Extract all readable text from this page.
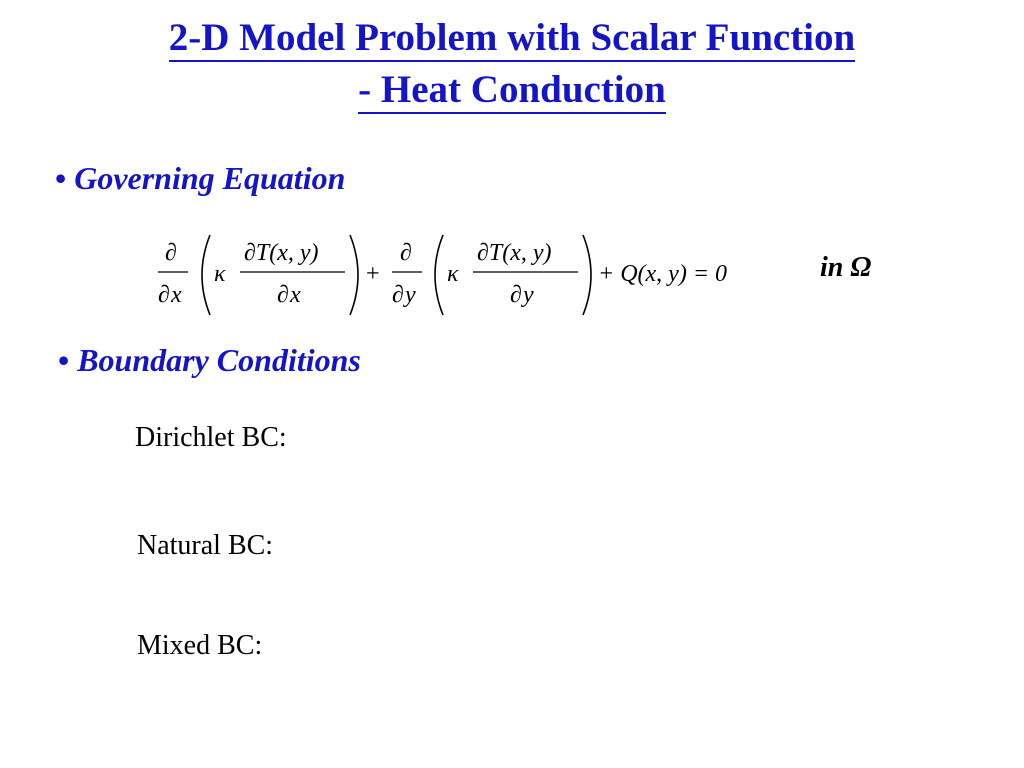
2-D Model Problem with Scalar Function
- Heat Conduction
• Governing Equation
∂
∂ x
κ
∂T(x, y)
∂ x
+
∂
∂ y
κ
∂T(x, y)
∂ y
+ Q(x, y) = 0	in Ω
• Boundary Conditions
Dirichlet BC:
Natural BC:
Mixed BC:
